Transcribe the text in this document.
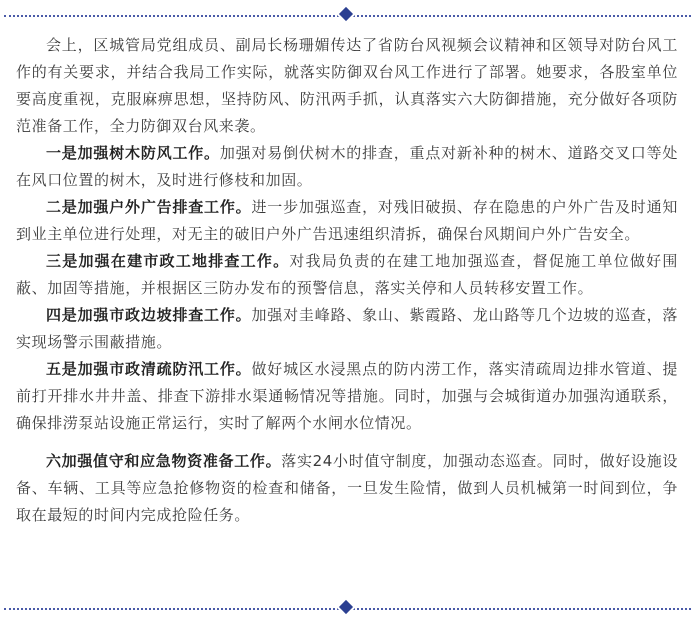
会上，区城管局党组成员、副局长杨珊媚传达了省防台风视频会议精神和区领导对防台风工作的有关要求，并结合我局工作实际，就落实防御双台风工作进行了部署。她要求，各股室单位要高度重视，克服麻痹思想，坚持防风、防汛两手抓，认真落实六大防御措施，充分做好各项防范准备工作，全力防御双台风来袭。

一是加强树木防风工作。加强对易倒伏树木的排查，重点对新补种的树木、道路交叉口等处在风口位置的树木，及时进行修枝和加固。

二是加强户外广告排查工作。进一步加强巡查，对残旧破损、存在隐患的户外广告及时通知到业主单位进行处理，对无主的破旧户外广告迅速组织清拆，确保台风期间户外广告安全。

三是加强在建市政工地排查工作。对我局负责的在建工地加强巡查，督促施工单位做好围蔽、加固等措施，并根据区三防办发布的预警信息，落实关停和人员转移安置工作。

四是加强市政边坡排查工作。加强对圭峰路、象山、紫霞路、龙山路等几个边坡的巡查，落实现场警示围蔽措施。

五是加强市政清疏防汛工作。做好城区水浸黑点的防内涝工作，落实清疏周边排水管道、提前打开排水井井盖、排查下游排水渠通畅情况等措施。同时，加强与会城街道办加强沟通联系，确保排涝泵站设施正常运行，实时了解两个水闸水位情况。

六加强值守和应急物资准备工作。落实24小时值守制度，加强动态巡查。同时，做好设施设备、车辆、工具等应急抢修物资的检查和储备，一旦发生险情，做到人员机械第一时间到位，争取在最短的时间内完成抢险任务。
